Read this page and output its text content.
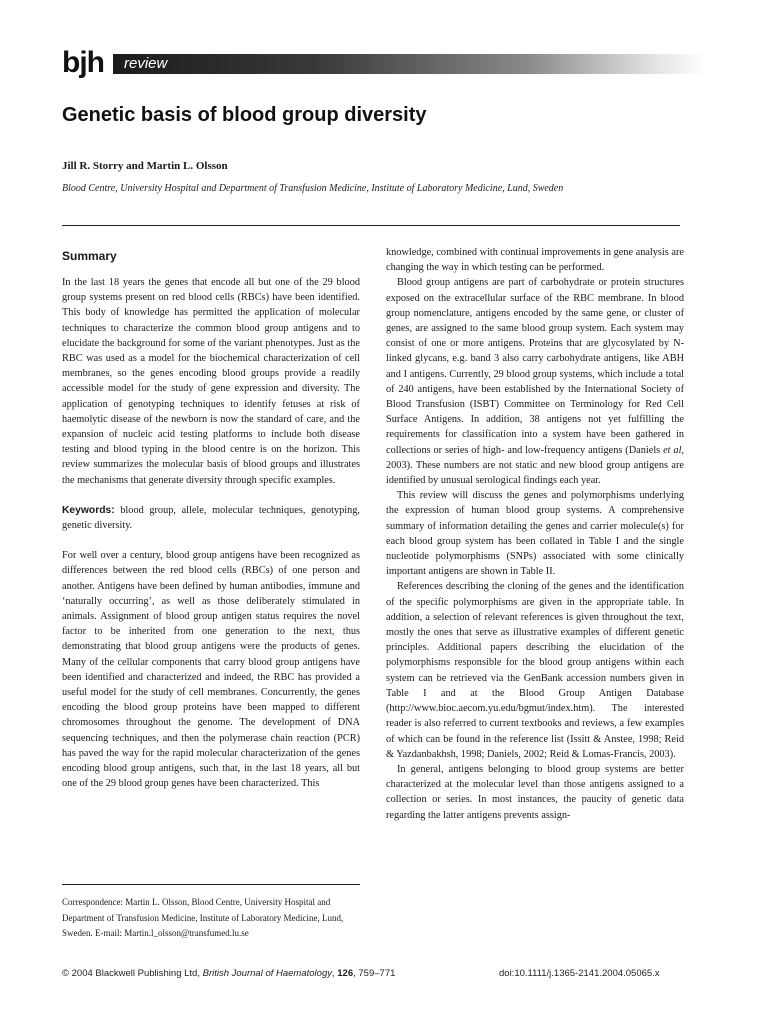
bjh review
Genetic basis of blood group diversity
Jill R. Storry and Martin L. Olsson
Blood Centre, University Hospital and Department of Transfusion Medicine, Institute of Laboratory Medicine, Lund, Sweden
Summary

In the last 18 years the genes that encode all but one of the 29 blood group systems present on red blood cells (RBCs) have been identified. This body of knowledge has permitted the application of molecular techniques to characterize the common blood group antigens and to elucidate the background for some of the variant phenotypes. Just as the RBC was used as a model for the biochemical characterization of cell membranes, so the genes encoding blood groups provide a readily accessible model for the study of gene expression and diversity. The application of genotyping techniques to identify fetuses at risk of haemolytic disease of the newborn is now the standard of care, and the expansion of nucleic acid testing platforms to include both disease testing and blood typing in the blood centre is on the horizon. This review summarizes the molecular basis of blood groups and illustrates the mechanisms that generate diversity through specific examples.

Keywords: blood group, allele, molecular techniques, genotyping, genetic diversity.

For well over a century, blood group antigens have been recognized as differences between the red blood cells (RBCs) of one person and another. Antigens have been defined by human antibodies, immune and ‘naturally occurring’, as well as those deliberately stimulated in animals. Assignment of blood group antigen status requires the novel factor to be inherited from one generation to the next, thus demonstrating that blood group antigens were the products of genes. Many of the cellular components that carry blood group antigens have been identified and characterized and indeed, the RBC has provided a useful model for the study of cell membranes. Concurrently, the genes encoding the blood group proteins have been mapped to different chromosomes throughout the genome. The development of DNA sequencing techniques, and then the polymerase chain reaction (PCR) has paved the way for the rapid molecular characterization of the genes encoding blood group antigens, such that, in the last 18 years, all but one of the 29 blood group genes have been characterized. This

knowledge, combined with continual improvements in gene analysis are changing the way in which testing can be performed.

Blood group antigens are part of carbohydrate or protein structures exposed on the extracellular surface of the RBC membrane. In blood group nomenclature, antigens encoded by the same gene, or cluster of genes, are assigned to the same blood group system. Each system may consist of one or more antigens. Proteins that are glycosylated by N-linked glycans, e.g. band 3 also carry carbohydrate antigens, like ABH and I antigens. Currently, 29 blood group systems, which include a total of 240 antigens, have been established by the International Society of Blood Transfusion (ISBT) Committee on Terminology for Red Cell Surface Antigens. In addition, 38 antigens not yet fulfilling the requirements for classification into a system have been gathered in collections or series of high- and low-frequency antigens (Daniels et al, 2003). These numbers are not static and new blood group antigens are identified by unusual serological findings each year.

This review will discuss the genes and polymorphisms underlying the expression of human blood group systems. A comprehensive summary of information detailing the genes and carrier molecule(s) for each blood group system has been collated in Table I and the single nucleotide polymorphisms (SNPs) associated with some clinically important antigens are shown in Table II.

References describing the cloning of the genes and the identification of the specific polymorphisms are given in the appropriate table. In addition, a selection of relevant references is given throughout the text, mostly the ones that serve as illustrative examples of different genetic principles. Additional papers describing the elucidation of the polymorphisms responsible for the blood group antigens within each system can be retrieved via the GenBank accession numbers given in Table I and at the Blood Group Antigen Database (http://www.bioc.aecom.yu.edu/bgmut/index.htm). The interested reader is also referred to current textbooks and reviews, a few examples of which can be found in the reference list (Issitt & Anstee, 1998; Reid & Yazdanbakhsh, 1998; Daniels, 2002; Reid & Lomas-Francis, 2003).

In general, antigens belonging to blood group systems are better characterized at the molecular level than those antigens assigned to a collection or series. In most instances, the paucity of genetic data regarding the latter antigens prevents assign-

Correspondence: Martin L. Olsson, Blood Centre, University Hospital and Department of Transfusion Medicine, Institute of Laboratory Medicine, Lund, Sweden. E-mail: Martin.l_olsson@transfumed.lu.se
© 2004 Blackwell Publishing Ltd, British Journal of Haematology, 126, 759–771	doi:10.1111/j.1365-2141.2004.05065.x
